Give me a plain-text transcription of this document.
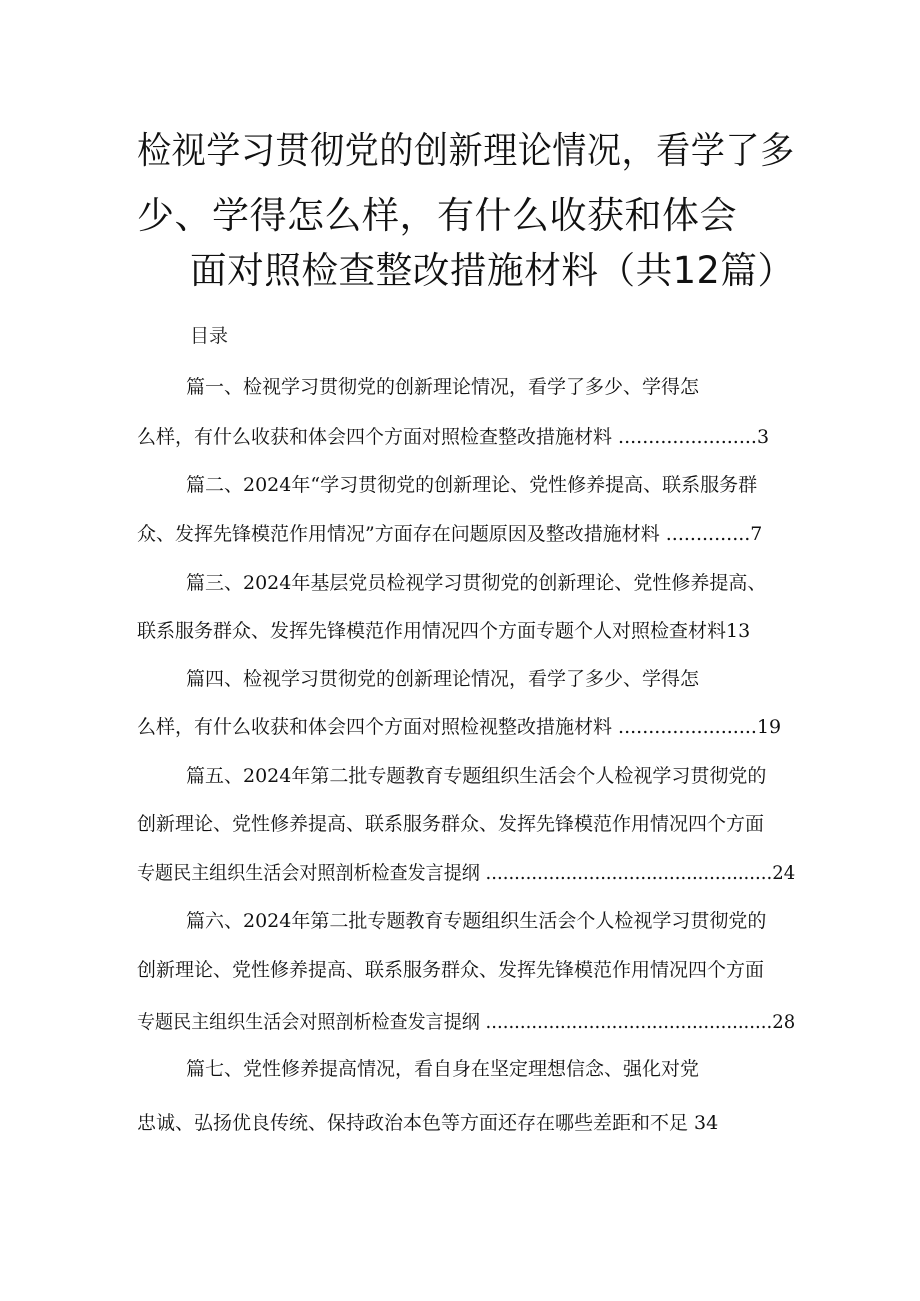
检视学习贯彻党的创新理论情况，看学了多
少、学得怎么样，有什么收获和体会
面对照检查整改措施材料（共12篇）
目录
篇一、检视学习贯彻党的创新理论情况，看学了多少、学得怎
么样，有什么收获和体会四个方面对照检查整改措施材料 .......................3
篇二、2024年“学习贯彻党的创新理论、党性修养提高、联系服务群
众、发挥先锋模范作用情况”方面存在问题原因及整改措施材料 ..............7
篇三、2024年基层党员检视学习贯彻党的创新理论、党性修养提高、
联系服务群众、发挥先锋模范作用情况四个方面专题个人对照检查材料13
篇四、检视学习贯彻党的创新理论情况，看学了多少、学得怎
么样，有什么收获和体会四个方面对照检视整改措施材料 .......................19
篇五、2024年第二批专题教育专题组织生活会个人检视学习贯彻党的
创新理论、党性修养提高、联系服务群众、发挥先锋模范作用情况四个方面
专题民主组织生活会对照剖析检查发言提纲 ..................................................24
篇六、2024年第二批专题教育专题组织生活会个人检视学习贯彻党的
创新理论、党性修养提高、联系服务群众、发挥先锋模范作用情况四个方面
专题民主组织生活会对照剖析检查发言提纲 ..................................................28
篇七、党性修养提高情况，看自身在坚定理想信念、强化对党
忠诚、弘扬优良传统、保持政治本色等方面还存在哪些差距和不足 34
